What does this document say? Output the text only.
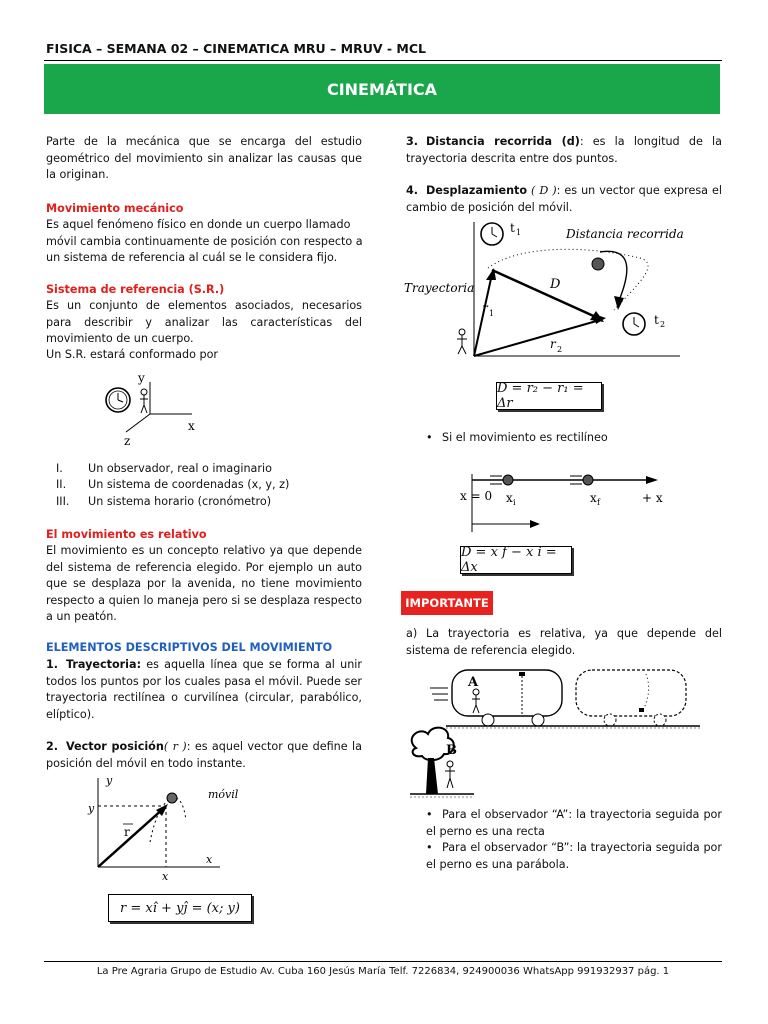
FISICA – SEMANA 02 – CINEMATICA MRU – MRUV - MCL
CINEMÁTICA
Parte de la mecánica que se encarga del estudio geométrico del movimiento sin analizar las causas que la originan.
Movimiento mecánico
Es aquel fenómeno físico en donde un cuerpo llamado móvil cambia continuamente de posición con respecto a un sistema de referencia al cuál se le considera fijo.
Sistema de referencia (S.R.)
Es un conjunto de elementos asociados, necesarios para describir y analizar las características del movimiento de un cuerpo.
Un S.R. estará conformado por
y
x
z
I. Un observador, real o imaginario
II. Un sistema de coordenadas (x, y, z)
III. Un sistema horario (cronómetro)
El movimiento es relativo
El movimiento es un concepto relativo ya que depende del sistema de referencia elegido. Por ejemplo un auto que se desplaza por la avenida, no tiene movimiento respecto a quien lo maneja pero si se desplaza respecto a un peatón.
ELEMENTOS DESCRIPTIVOS DEL MOVIMIENTO
1. Trayectoria: es aquella línea que se forma al unir todos los puntos por los cuales pasa el móvil. Puede ser trayectoria rectilínea o curvilínea (circular, parabólico, elíptico).
2. Vector posición( r ): es aquel vector que define la posición del móvil en todo instante.
y
y
x
x
r
móvil
r = xî + yĵ = (x; y)
3. Distancia recorrida (d): es la longitud de la trayectoria descrita entre dos puntos.
4. Desplazamiento ( D ): es un vector que expresa el cambio de posición del móvil.
t 1	Distancia recorrida
Trayectoria	D
r 1
r 2
t 2
D = r₂ − r₁ = Δr
• Si el movimiento es rectilíneo
x = 0 x i	x f	+ x
D = x f − x i = Δx
IMPORTANTE
a) La trayectoria es relativa, ya que depende del sistema de referencia elegido.
A
B
• Para el observador “A”: la trayectoria seguida por el perno es una recta
• Para el observador “B”: la trayectoria seguida por el perno es una parábola.
La Pre Agraria Grupo de Estudio Av. Cuba 160 Jesús María Telf. 7226834, 924900036 WhatsApp 991932937 pág. 1
